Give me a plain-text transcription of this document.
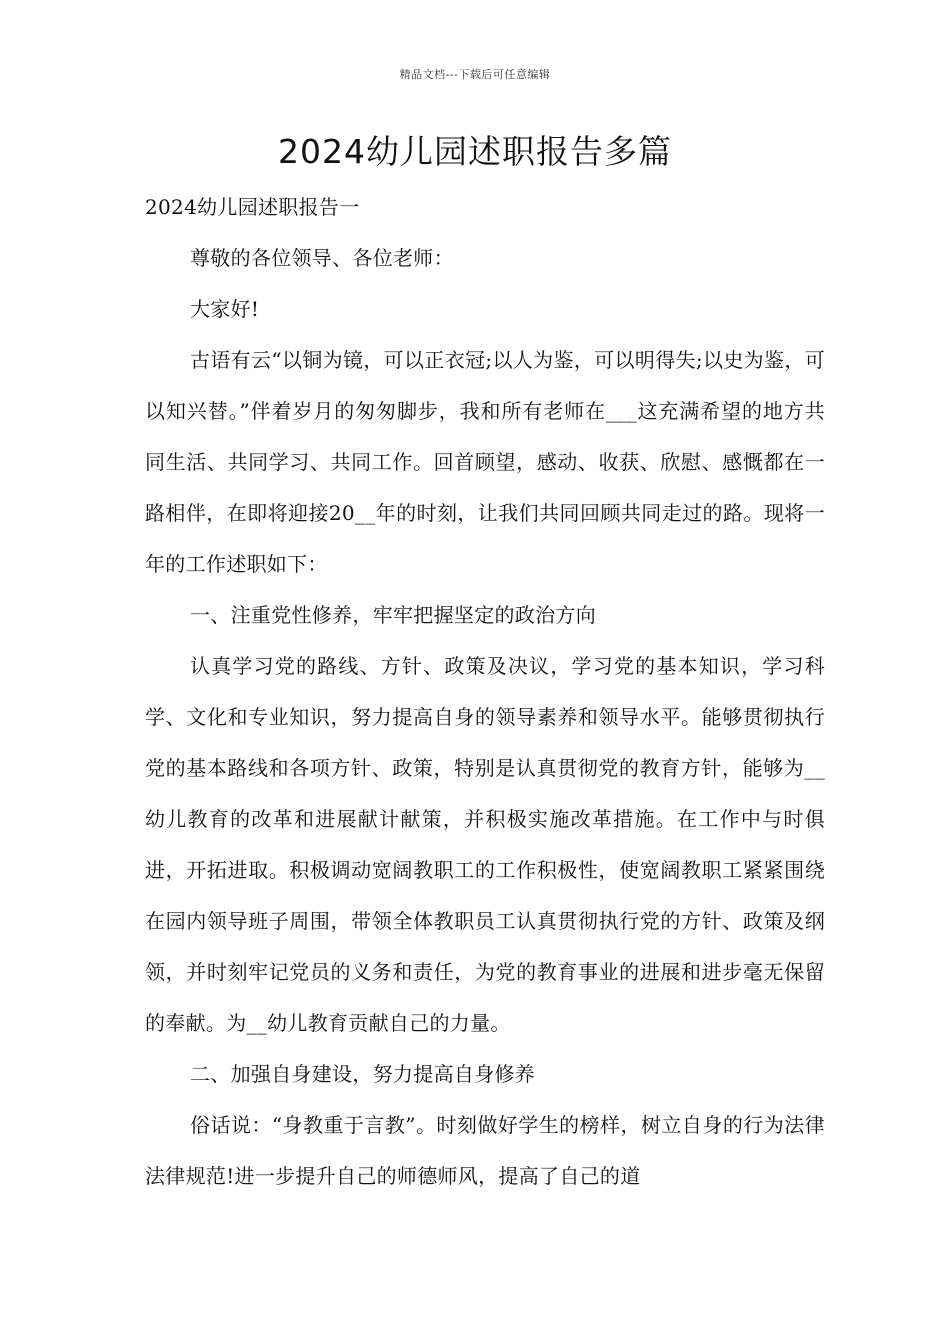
精品文档---下载后可任意编辑
2024幼儿园述职报告多篇

2024幼儿园述职报告一

尊敬的各位领导、各位老师：

大家好!

古语有云“以铜为镜，可以正衣冠;以人为鉴，可以明得失;以史为鉴，可以知兴替。”伴着岁月的匆匆脚步，我和所有老师在___这充满希望的地方共同生活、共同学习、共同工作。回首顾望，感动、收获、欣慰、感慨都在一路相伴，在即将迎接20__年的时刻，让我们共同回顾共同走过的路。现将一年的工作述职如下：

一、注重党性修养，牢牢把握坚定的政治方向

认真学习党的路线、方针、政策及决议，学习党的基本知识，学习科学、文化和专业知识，努力提高自身的领导素养和领导水平。能够贯彻执行党的基本路线和各项方针、政策，特别是认真贯彻党的教育方针，能够为__幼儿教育的改革和进展献计献策，并积极实施改革措施。在工作中与时俱进，开拓进取。积极调动宽阔教职工的工作积极性，使宽阔教职工紧紧围绕在园内领导班子周围，带领全体教职员工认真贯彻执行党的方针、政策及纲领，并时刻牢记党员的义务和责任，为党的教育事业的进展和进步毫无保留的奉献。为__幼儿教育贡献自己的力量。

二、加强自身建设，努力提高自身修养

俗话说：“身教重于言教”。时刻做好学生的榜样，树立自身的行为法律法律规范!进一步提升自己的师德师风，提高了自己的道
